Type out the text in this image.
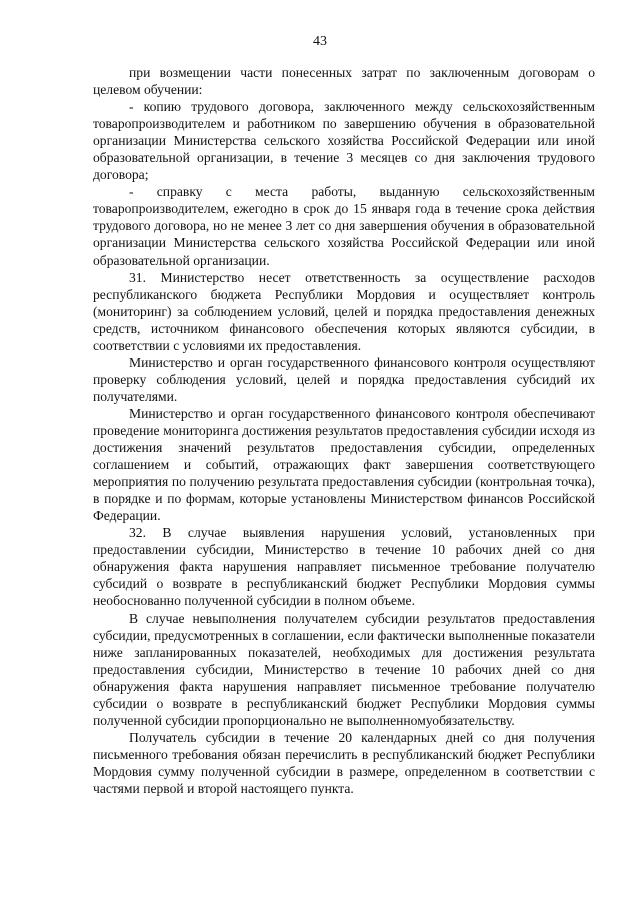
43

при возмещении части понесенных затрат по заключенным договорам о целевом обучении:

- копию трудового договора, заключенного между сельскохозяйственным товаропроизводителем и работником по завершению обучения в образовательной организации Министерства сельского хозяйства Российской Федерации или иной образовательной организации, в течение 3 месяцев со дня заключения трудового договора;

- справку с места работы, выданную сельскохозяйственным товаропроизводителем, ежегодно в срок до 15 января года в течение срока действия трудового договора, но не менее 3 лет со дня завершения обучения в образовательной организации Министерства сельского хозяйства Российской Федерации или иной образовательной организации.

31. Министерство несет ответственность за осуществление расходов республиканского бюджета Республики Мордовия и осуществляет контроль (мониторинг) за соблюдением условий, целей и порядка предоставления денежных средств, источником финансового обеспечения которых являются субсидии, в соответствии с условиями их предоставления.

Министерство и орган государственного финансового контроля осуществляют проверку соблюдения условий, целей и порядка предоставления субсидий их получателями.

Министерство и орган государственного финансового контроля обеспечивают проведение мониторинга достижения результатов предоставления субсидии исходя из достижения значений результатов предоставления субсидии, определенных соглашением и событий, отражающих факт завершения соответствующего мероприятия по получению результата предоставления субсидии (контрольная точка), в порядке и по формам, которые установлены Министерством финансов Российской Федерации.

32. В случае выявления нарушения условий, установленных при предоставлении субсидии, Министерство в течение 10 рабочих дней со дня обнаружения факта нарушения направляет письменное требование получателю субсидий о возврате в республиканский бюджет Республики Мордовия суммы необоснованно полученной субсидии в полном объеме.

В случае невыполнения получателем субсидии результатов предоставления субсидии, предусмотренных в соглашении, если фактически выполненные показатели ниже запланированных показателей, необходимых для достижения результата предоставления субсидии, Министерство в течение 10 рабочих дней со дня обнаружения факта нарушения направляет письменное требование получателю субсидии о возврате в республиканский бюджет Республики Мордовия суммы полученной субсидии пропорционально не выполненномуобязательству.

Получатель субсидии в течение 20 календарных дней со дня получения письменного требования обязан перечислить в республиканский бюджет Республики Мордовия сумму полученной субсидии в размере, определенном в соответствии с частями первой и второй настоящего пункта.
